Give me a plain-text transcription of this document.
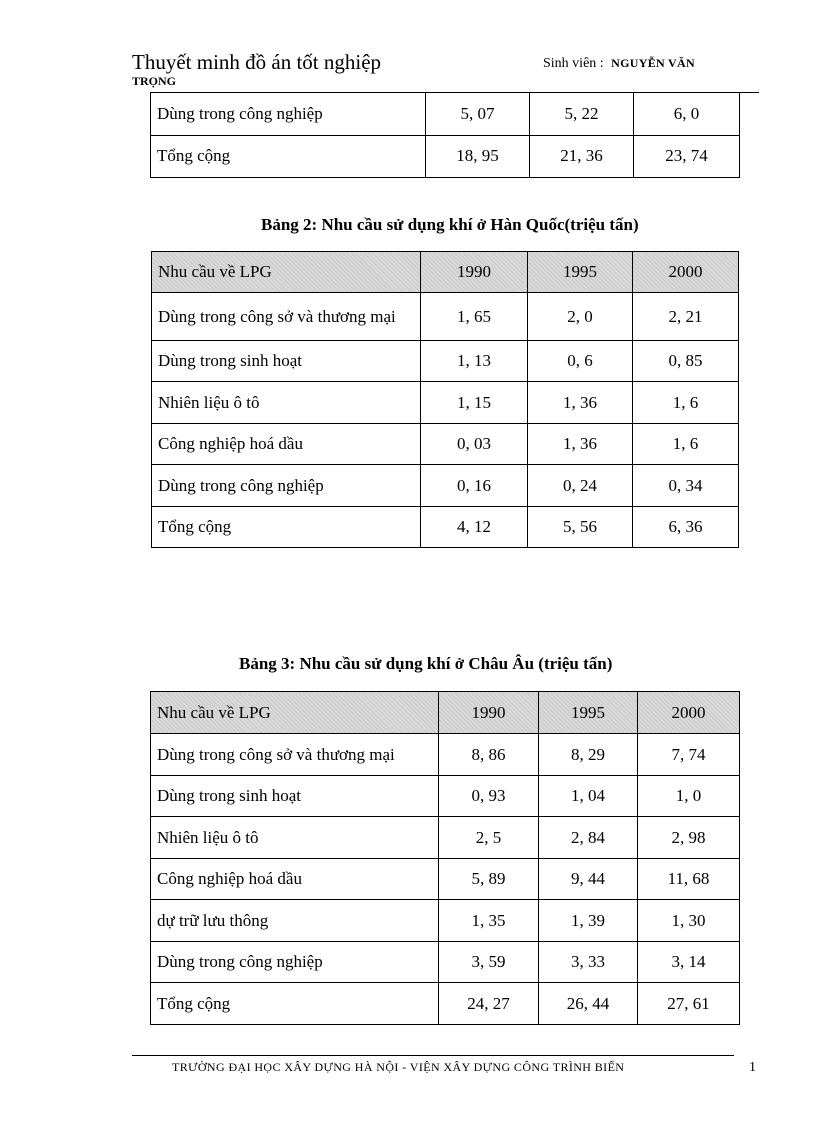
Thuyết minh đồ án tốt nghiệp	Sinh viên : NGUYỄN VĂN
TRỌNG
Dùng trong công nghiệp	5, 07	5, 22	6, 0
Tổng cộng	18, 95	21, 36	23, 74
Bảng 2: Nhu cầu sử dụng khí ở Hàn Quốc(triệu tấn)
Nhu cầu về LPG	1990	1995	2000
Dùng trong công sở và thương mại	1, 65	2, 0	2, 21
Dùng trong sinh hoạt	1, 13	0, 6	0, 85
Nhiên liệu ô tô	1, 15	1, 36	1, 6
Công nghiệp hoá dầu	0, 03	1, 36	1, 6
Dùng trong công nghiệp	0, 16	0, 24	0, 34
Tổng cộng	4, 12	5, 56	6, 36
Bảng 3: Nhu cầu sử dụng khí ở Châu Âu (triệu tấn)
Nhu cầu về LPG	1990	1995	2000
Dùng trong công sở và thương mại	8, 86	8, 29	7, 74
Dùng trong sinh hoạt	0, 93	1, 04	1, 0
Nhiên liệu ô tô	2, 5	2, 84	2, 98
Công nghiệp hoá dầu	5, 89	9, 44	11, 68
dự trữ lưu thông	1, 35	1, 39	1, 30
Dùng trong công nghiệp	3, 59	3, 33	3, 14
Tổng cộng	24, 27	26, 44	27, 61
TRƯỜNG ĐẠI HỌC XÂY DỰNG HÀ NỘI - VIỆN XÂY DỰNG CÔNG TRÌNH BIỂN	1
